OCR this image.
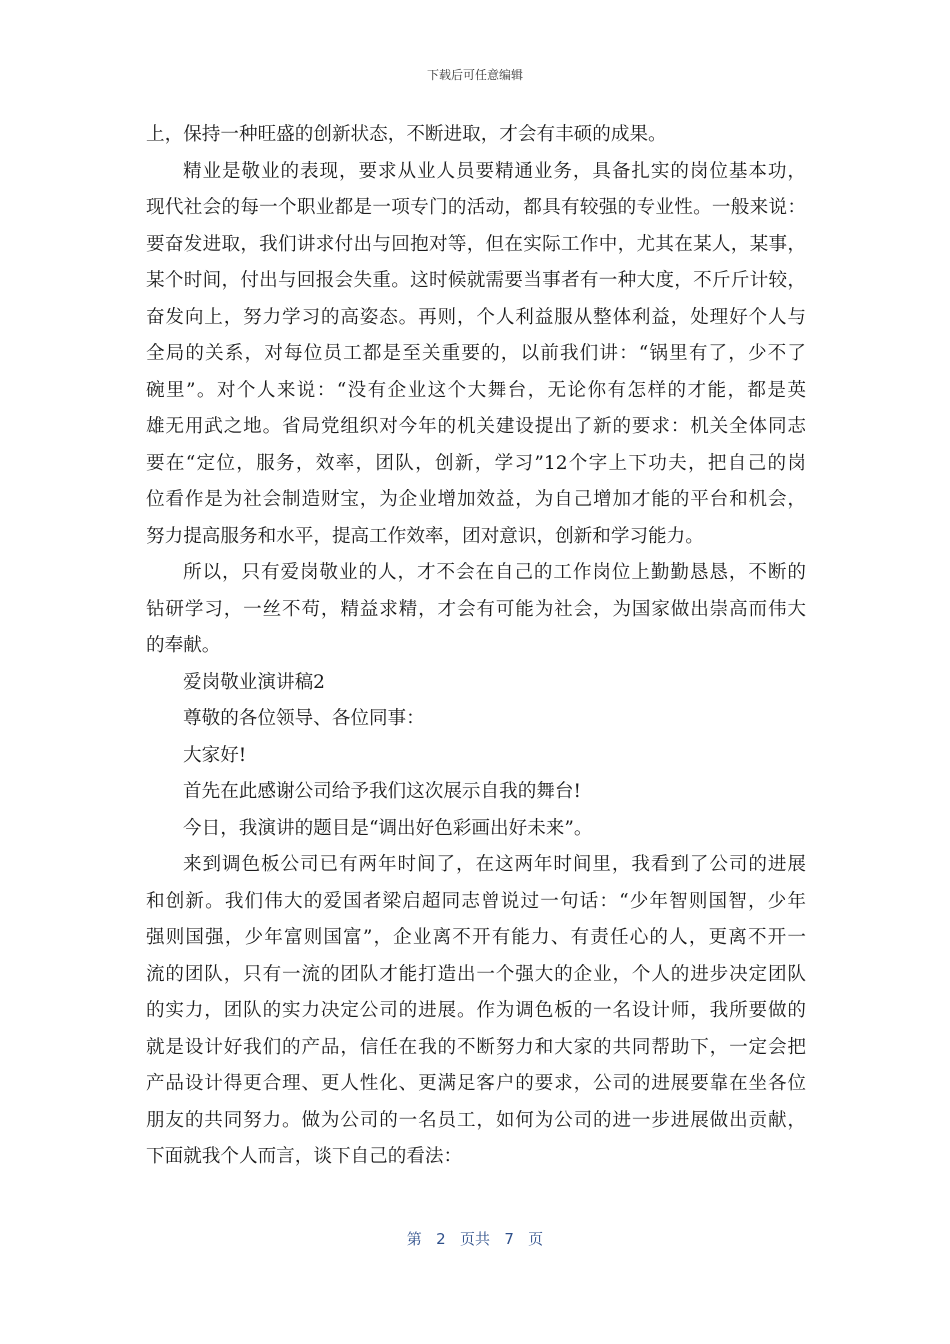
下载后可任意编辑
上，保持一种旺盛的创新状态，不断进取，才会有丰硕的成果。
精业是敬业的表现，要求从业人员要精通业务，具备扎实的岗位基本功，
现代社会的每一个职业都是一项专门的活动，都具有较强的专业性。一般来说：
要奋发进取，我们讲求付出与回抱对等，但在实际工作中，尤其在某人，某事，
某个时间，付出与回报会失重。这时候就需要当事者有一种大度，不斤斤计较，
奋发向上，努力学习的高姿态。再则，个人利益服从整体利益，处理好个人与
全局的关系，对每位员工都是至关重要的，以前我们讲：“锅里有了，少不了
碗里”。对个人来说：“没有企业这个大舞台，无论你有怎样的才能，都是英
雄无用武之地。省局党组织对今年的机关建设提出了新的要求：机关全体同志
要在“定位，服务，效率，团队，创新，学习”12个字上下功夫，把自己的岗
位看作是为社会制造财宝，为企业增加效益，为自己增加才能的平台和机会，
努力提高服务和水平，提高工作效率，团对意识，创新和学习能力。
所以，只有爱岗敬业的人，才不会在自己的工作岗位上勤勤恳恳，不断的
钻研学习，一丝不苟，精益求精，才会有可能为社会，为国家做出崇高而伟大
的奉献。
爱岗敬业演讲稿2
尊敬的各位领导、各位同事：
大家好!
首先在此感谢公司给予我们这次展示自我的舞台!
今日，我演讲的题目是“调出好色彩画出好未来”。
来到调色板公司已有两年时间了，在这两年时间里，我看到了公司的进展
和创新。我们伟大的爱国者梁启超同志曾说过一句话：“少年智则国智，少年
强则国强，少年富则国富”，企业离不开有能力、有责任心的人，更离不开一
流的团队，只有一流的团队才能打造出一个强大的企业，个人的进步决定团队
的实力，团队的实力决定公司的进展。作为调色板的一名设计师，我所要做的
就是设计好我们的产品，信任在我的不断努力和大家的共同帮助下，一定会把
产品设计得更合理、更人性化、更满足客户的要求，公司的进展要靠在坐各位
朋友的共同努力。做为公司的一名员工，如何为公司的进一步进展做出贡献，
下面就我个人而言，谈下自己的看法：
第 2 页共 7 页
